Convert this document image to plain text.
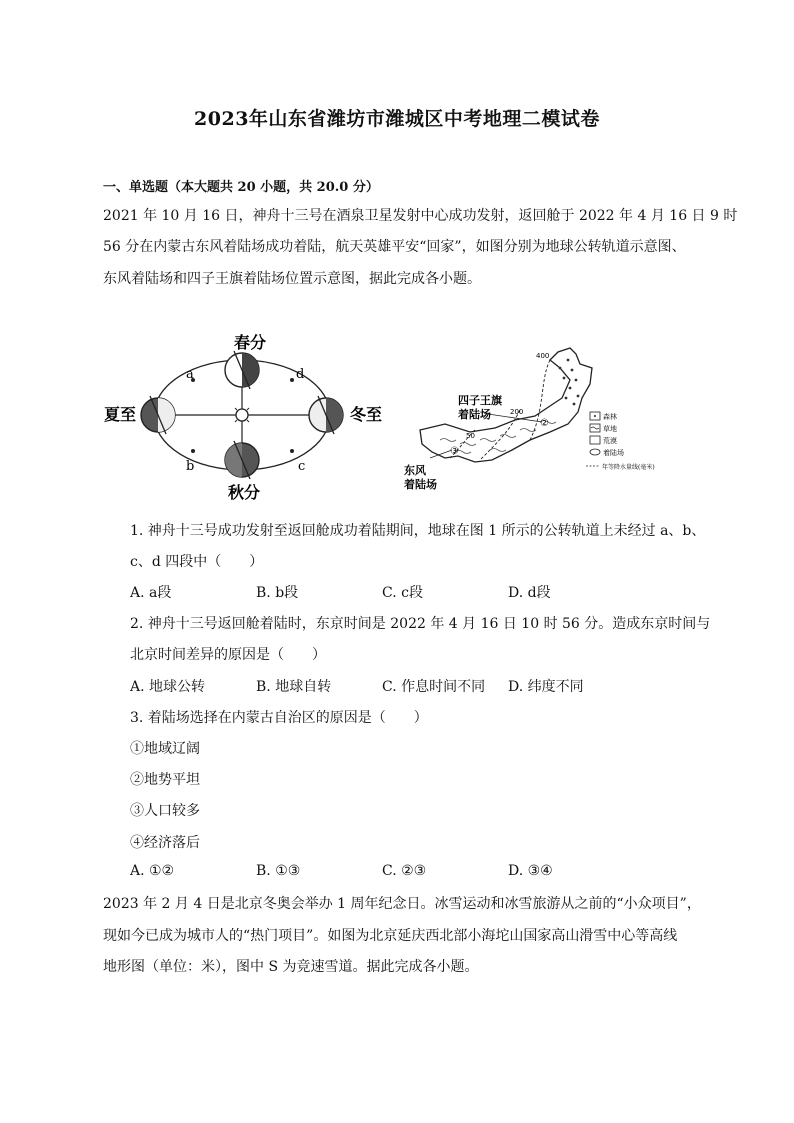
2023年山东省潍坊市潍城区中考地理二模试卷
一、单选题（本大题共 20 小题，共 20.0 分）
2021 年 10 月 16 日，神舟十三号在酒泉卫星发射中心成功发射，返回舱于 2022 年 4 月 16 日 9 时
56 分在内蒙古东风着陆场成功着陆，航天英雄平安“回家”，如图分别为地球公转轨道示意图、
东风着陆场和四子王旗着陆场位置示意图，据此完成各小题。
春分
夏至	冬至
秋分
a	d
b	c
四子王旗
着陆场
东风
着陆场
400
200
50
②
③
森林
草地
荒漠
着陆场
年等降水量线(毫米)
1. 神舟十三号成功发射至返回舱成功着陆期间，地球在图 1 所示的公转轨道上未经过 a、b、
c、d 四段中（　　）
A. a段	B. b段	C. c段	D. d段
2. 神舟十三号返回舱着陆时，东京时间是 2022 年 4 月 16 日 10 时 56 分。造成东京时间与
北京时间差异的原因是（　　）
A. 地球公转	B. 地球自转	C. 作息时间不同 D. 纬度不同
3. 着陆场选择在内蒙古自治区的原因是（　　）
①地域辽阔
②地势平坦
③人口较多
④经济落后
A. ①②	B. ①③	C. ②③	D. ③④
2023 年 2 月 4 日是北京冬奥会举办 1 周年纪念日。冰雪运动和冰雪旅游从之前的“小众项目”，
现如今已成为城市人的“热门项目”。如图为北京延庆西北部小海坨山国家高山滑雪中心等高线
地形图（单位：米），图中 S 为竞速雪道。据此完成各小题。
